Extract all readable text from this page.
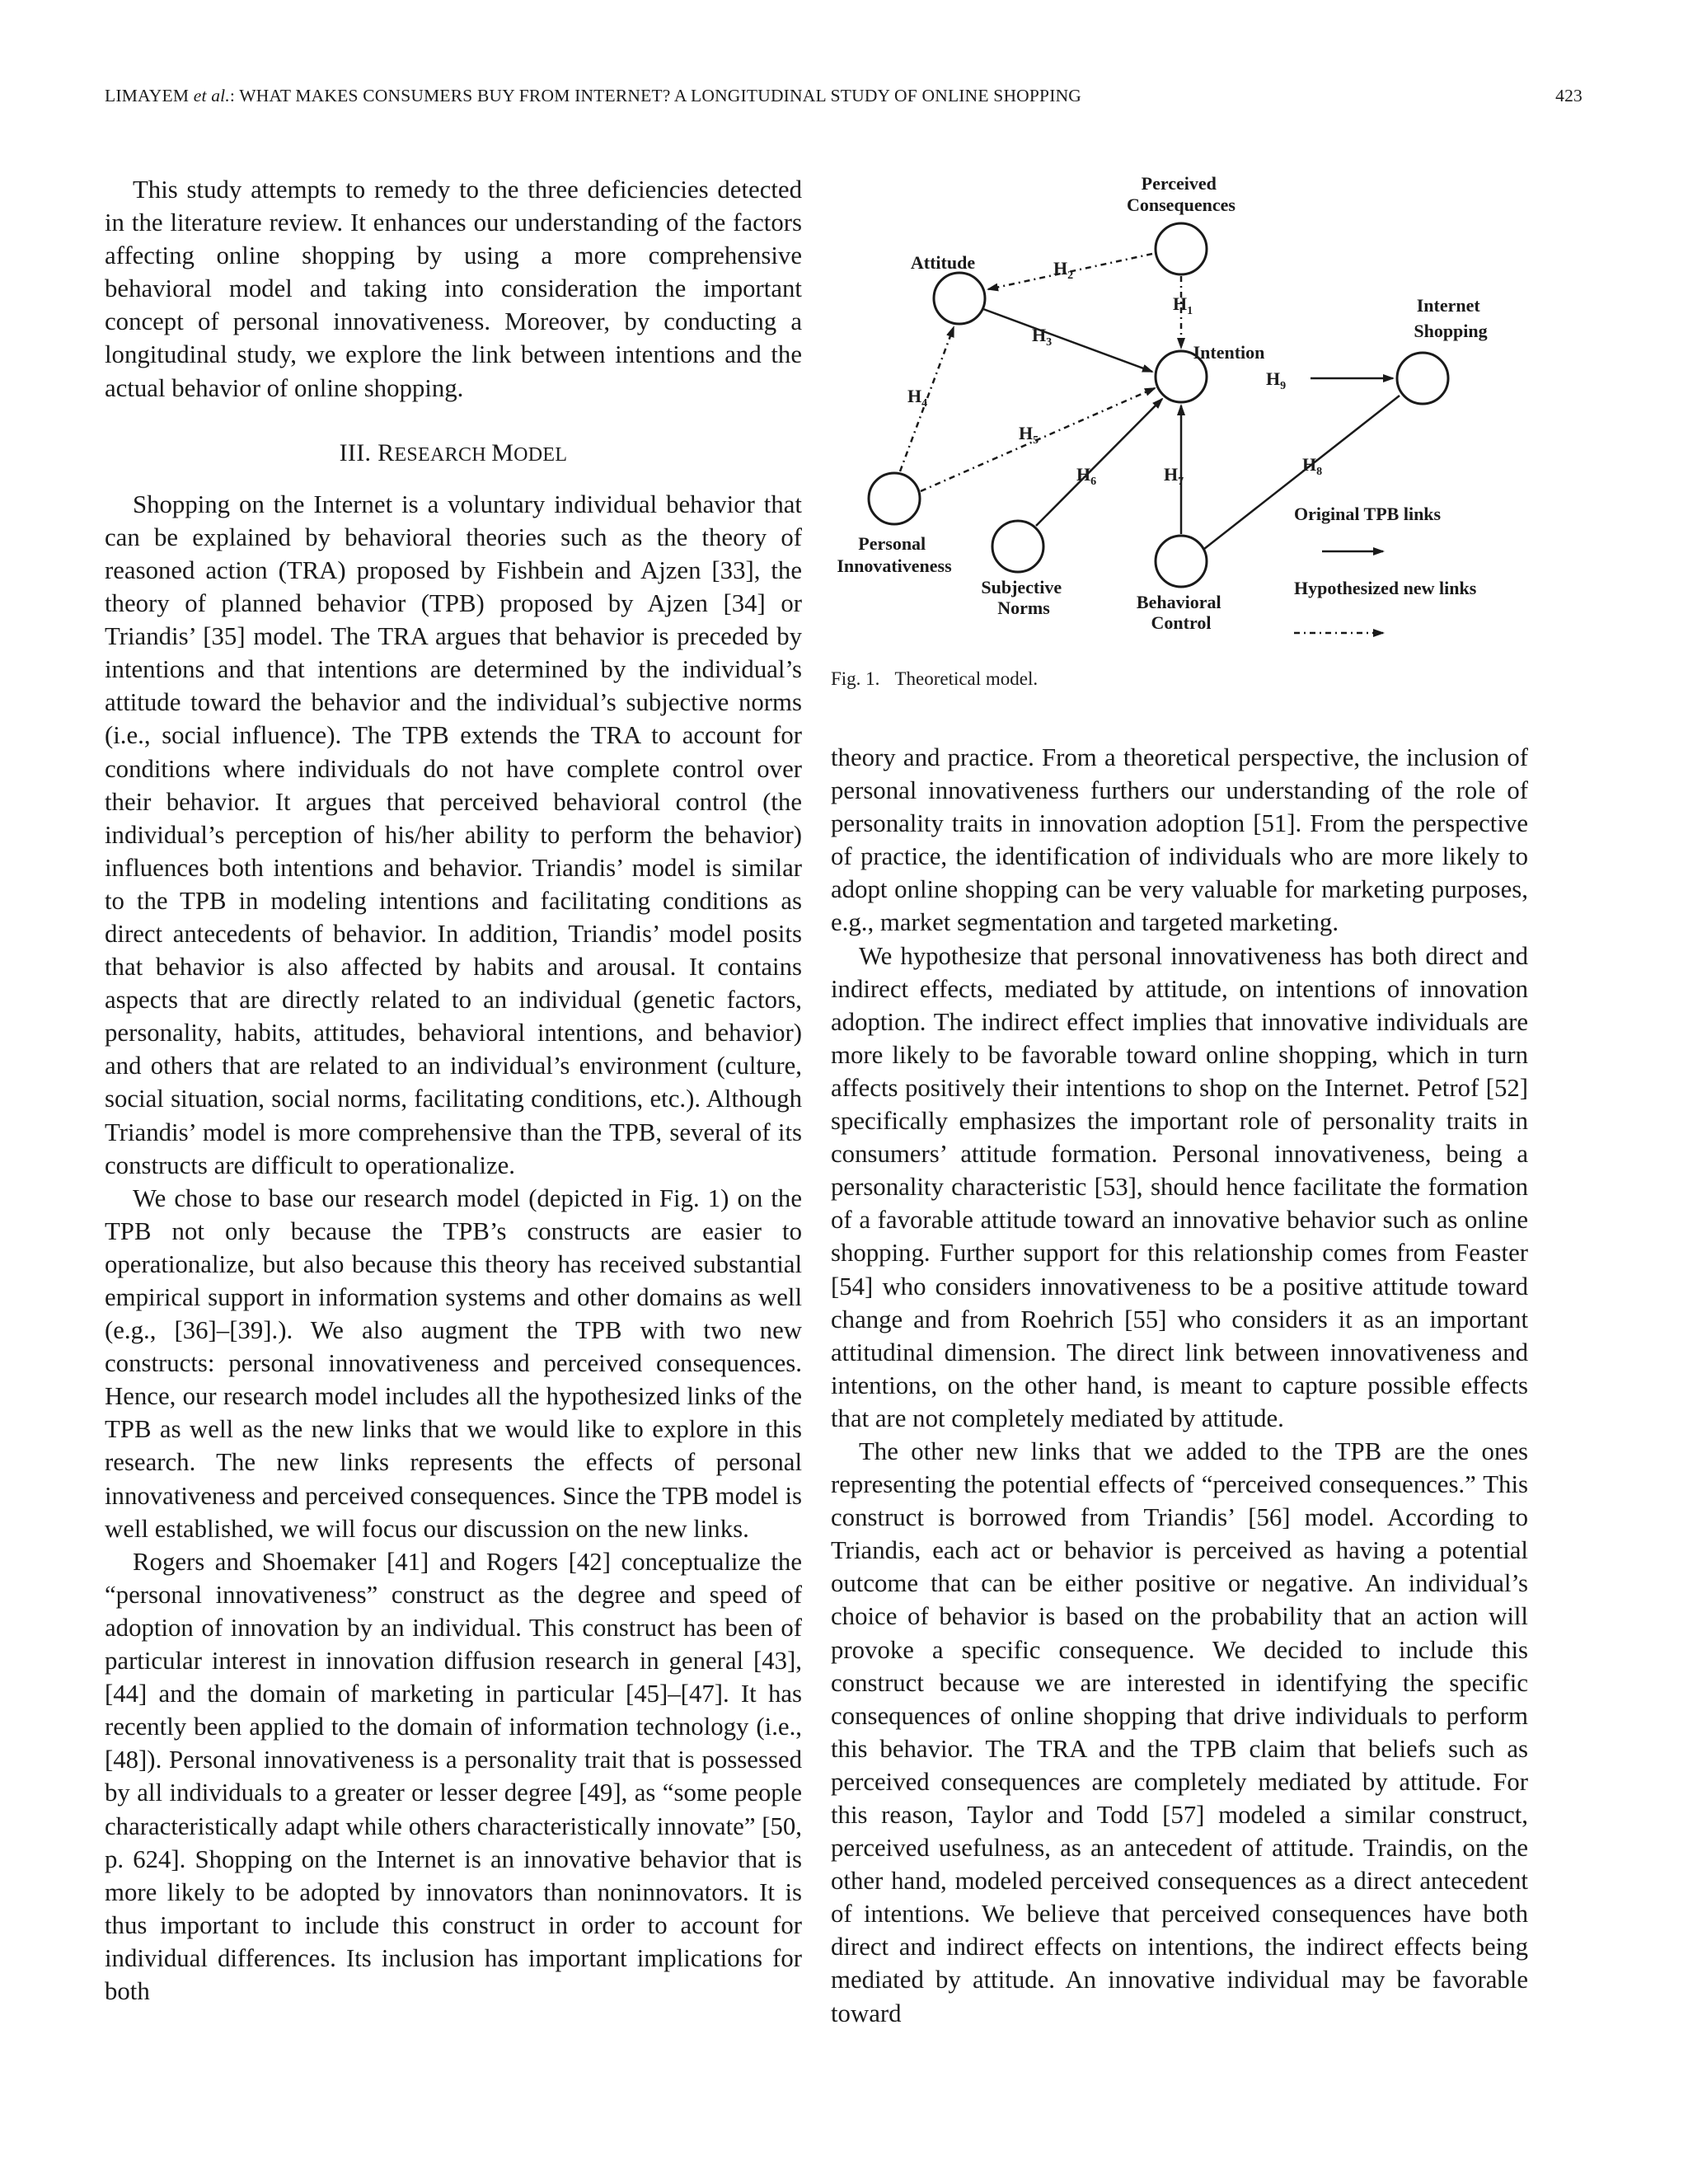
LIMAYEM et al.: WHAT MAKES CONSUMERS BUY FROM INTERNET? A LONGITUDINAL STUDY OF ONLINE SHOPPING	423

This study attempts to remedy to the three deficiencies detected in the literature review. It enhances our understanding of the factors affecting online shopping by using a more comprehensive behavioral model and taking into consideration the important concept of personal innovativeness. Moreover, by conducting a longitudinal study, we explore the link between intentions and the actual behavior of online shopping.

III. RESEARCH MODEL

Shopping on the Internet is a voluntary individual behavior that can be explained by behavioral theories such as the theory of reasoned action (TRA) proposed by Fishbein and Ajzen [33], the theory of planned behavior (TPB) proposed by Ajzen [34] or Triandis’ [35] model. The TRA argues that behavior is preceded by intentions and that intentions are determined by the individual’s attitude toward the behavior and the individual’s subjective norms (i.e., social influence). The TPB extends the TRA to account for conditions where individuals do not have complete control over their behavior. It argues that perceived behavioral control (the individual’s perception of his/her ability to perform the behavior) influences both intentions and behavior. Triandis’ model is similar to the TPB in modeling intentions and facilitating conditions as direct antecedents of behavior. In addition, Triandis’ model posits that behavior is also affected by habits and arousal. It contains aspects that are directly related to an individual (genetic factors, personality, habits, attitudes, behavioral intentions, and behavior) and others that are related to an individual’s environment (culture, social situation, social norms, facilitating conditions, etc.). Although Triandis’ model is more comprehensive than the TPB, several of its constructs are difficult to operationalize.

We chose to base our research model (depicted in Fig. 1) on the TPB not only because the TPB’s constructs are easier to operationalize, but also because this theory has received substantial empirical support in information systems and other domains as well (e.g., [36]–[39].). We also augment the TPB with two new constructs: personal innovativeness and perceived consequences. Hence, our research model includes all the hypothesized links of the TPB as well as the new links that we would like to explore in this research. The new links represents the effects of personal innovativeness and perceived consequences. Since the TPB model is well established, we will focus our discussion on the new links.

Rogers and Shoemaker [41] and Rogers [42] conceptualize the “personal innovativeness” construct as the degree and speed of adoption of innovation by an individual. This construct has been of particular interest in innovation diffusion research in general [43], [44] and the domain of marketing in particular [45]–[47]. It has recently been applied to the domain of information technology (i.e., [48]). Personal innovativeness is a personality trait that is possessed by all individuals to a greater or lesser degree [49], as “some people characteristically adapt while others characteristically innovate” [50, p. 624]. Shopping on the Internet is an innovative behavior that is more likely to be adopted by innovators than noninnovators. It is thus important to include this construct in order to account for individual differences. Its inclusion has important implications for both

Perceived Consequences
Attitude
Intention
Internet Shopping
Personal Innovativeness
Subjective Norms	Behavioral Control
$H_1$
$H_2$
$H_3$
$H_4$
$H_5$
$H_6$	$H_7$
$H_8$
$H_9$
Original TPB links
Hypothesized new links
Fig. 1. Theoretical model.

theory and practice. From a theoretical perspective, the inclusion of personal innovativeness furthers our understanding of the role of personality traits in innovation adoption [51]. From the perspective of practice, the identification of individuals who are more likely to adopt online shopping can be very valuable for marketing purposes, e.g., market segmentation and targeted marketing.

We hypothesize that personal innovativeness has both direct and indirect effects, mediated by attitude, on intentions of innovation adoption. The indirect effect implies that innovative individuals are more likely to be favorable toward online shopping, which in turn affects positively their intentions to shop on the Internet. Petrof [52] specifically emphasizes the important role of personality traits in consumers’ attitude formation. Personal innovativeness, being a personality characteristic [53], should hence facilitate the formation of a favorable attitude toward an innovative behavior such as online shopping. Further support for this relationship comes from Feaster [54] who considers innovativeness to be a positive attitude toward change and from Roehrich [55] who considers it as an important attitudinal dimension. The direct link between innovativeness and intentions, on the other hand, is meant to capture possible effects that are not completely mediated by attitude.

The other new links that we added to the TPB are the ones representing the potential effects of “perceived consequences.” This construct is borrowed from Triandis’ [56] model. According to Triandis, each act or behavior is perceived as having a potential outcome that can be either positive or negative. An individual’s choice of behavior is based on the probability that an action will provoke a specific consequence. We decided to include this construct because we are interested in identifying the specific consequences of online shopping that drive individuals to perform this behavior. The TRA and the TPB claim that beliefs such as perceived consequences are completely mediated by attitude. For this reason, Taylor and Todd [57] modeled a similar construct, perceived usefulness, as an antecedent of attitude. Traindis, on the other hand, modeled perceived consequences as a direct antecedent of intentions. We believe that perceived consequences have both direct and indirect effects on intentions, the indirect effects being mediated by attitude. An innovative individual may be favorable toward
